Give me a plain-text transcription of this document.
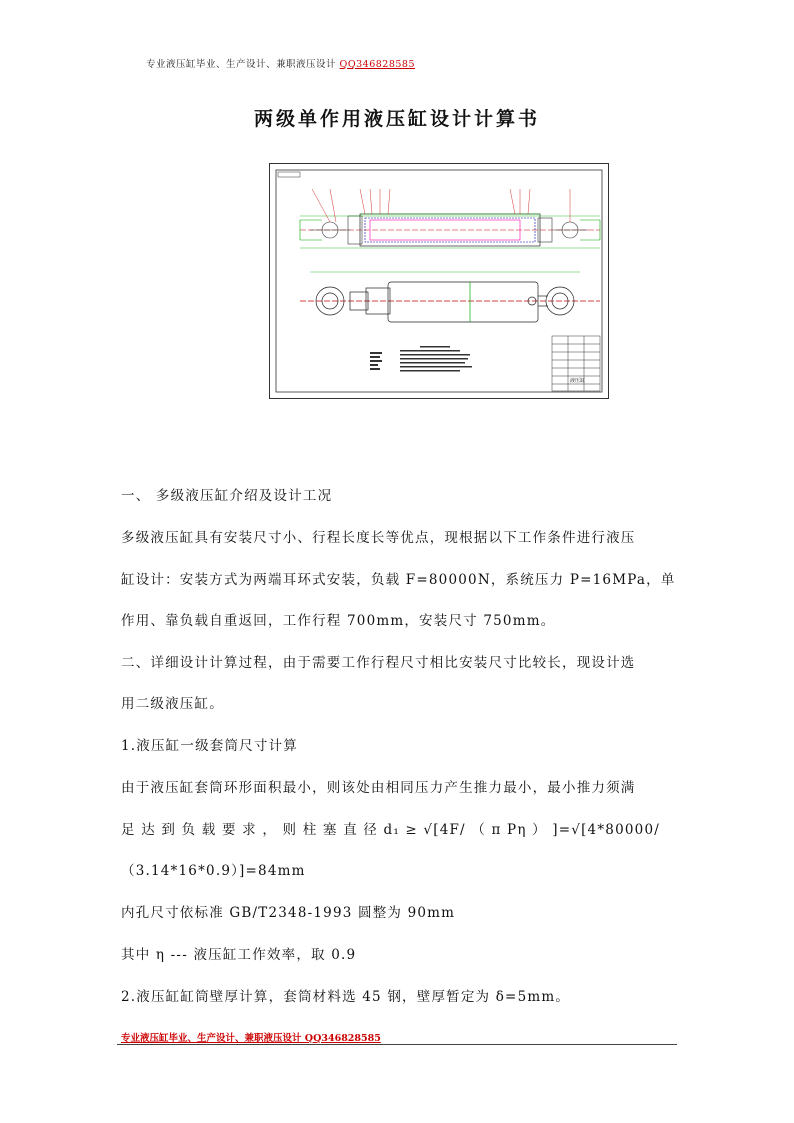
专业液压缸毕业、生产设计、兼职液压设计 QQ346828585
两级单作用液压缸设计计算书
液压缸
一、 多级液压缸介绍及设计工况
多级液压缸具有安装尺寸小、行程长度长等优点，现根据以下工作条件进行液压
缸设计：安装方式为两端耳环式安装，负载 F=80000N，系统压力 P=16MPa，单
作用、靠负载自重返回，工作行程 700mm，安装尺寸 750mm。
二、详细设计计算过程，由于需要工作行程尺寸相比安装尺寸比较长，现设计选
用二级液压缸。
1.液压缸一级套筒尺寸计算
由于液压缸套筒环形面积最小，则该处由相同压力产生推力最小，最小推力须满
足 达 到 负 载 要 求 ， 则 柱 塞 直 径 d₁ ≥ √[4F/ （ π Pη ） ]=√[4*80000/
（3.14*16*0.9）]=84mm
内孔尺寸依标准 GB/T2348-1993 圆整为 90mm
其中 η --- 液压缸工作效率，取 0.9
2.液压缸缸筒壁厚计算，套筒材料选 45 钢，壁厚暂定为 δ=5mm。
专业液压缸毕业、生产设计、兼职液压设计 QQ346828585
